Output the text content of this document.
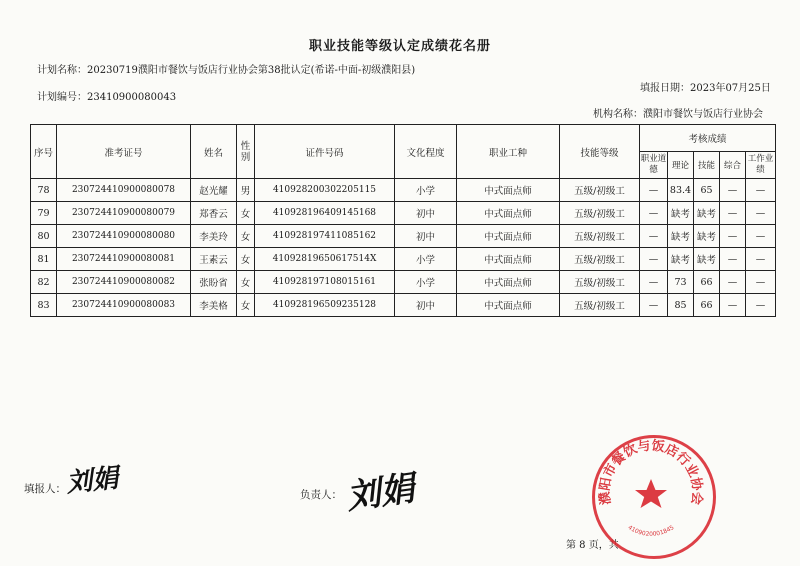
职业技能等级认定成绩花名册
计划名称：20230719濮阳市餐饮与饭店行业协会第38批认定(希诺-中面-初级濮阳县)
填报日期：2023年07月25日
计划编号：23410900080043
机构名称：濮阳市餐饮与饭店行业协会
序号	准考证号	姓名	性别	证件号码	文化程度	职业工种	技能等级	考核成绩				
								职业道德	理论	技能	综合	工作业绩
78	230724410900080078	赵光耀	男	410928200302205115	小学	中式面点师	五级/初级工	—	83.4	65	—	—
79	230724410900080079	郑香云	女	410928196409145168	初中	中式面点师	五级/初级工	—	缺考	缺考	—	—
80	230724410900080080	李美玲	女	410928197411085162	初中	中式面点师	五级/初级工	—	缺考	缺考	—	—
81	230724410900080081	王素云	女	41092819650617514X	小学	中式面点师	五级/初级工	—	缺考	缺考	—	—
82	230724410900080082	张盼省	女	410928197108015161	小学	中式面点师	五级/初级工	—	73	66	—	—
83	230724410900080083	李美格	女	410928196509235128	初中	中式面点师	五级/初级工	—	85	66	—	—
填报人：
刘娟	负责人： 刘娟
第 8 页，共
濮阳市餐饮与饭店行业协会
4109020001845
